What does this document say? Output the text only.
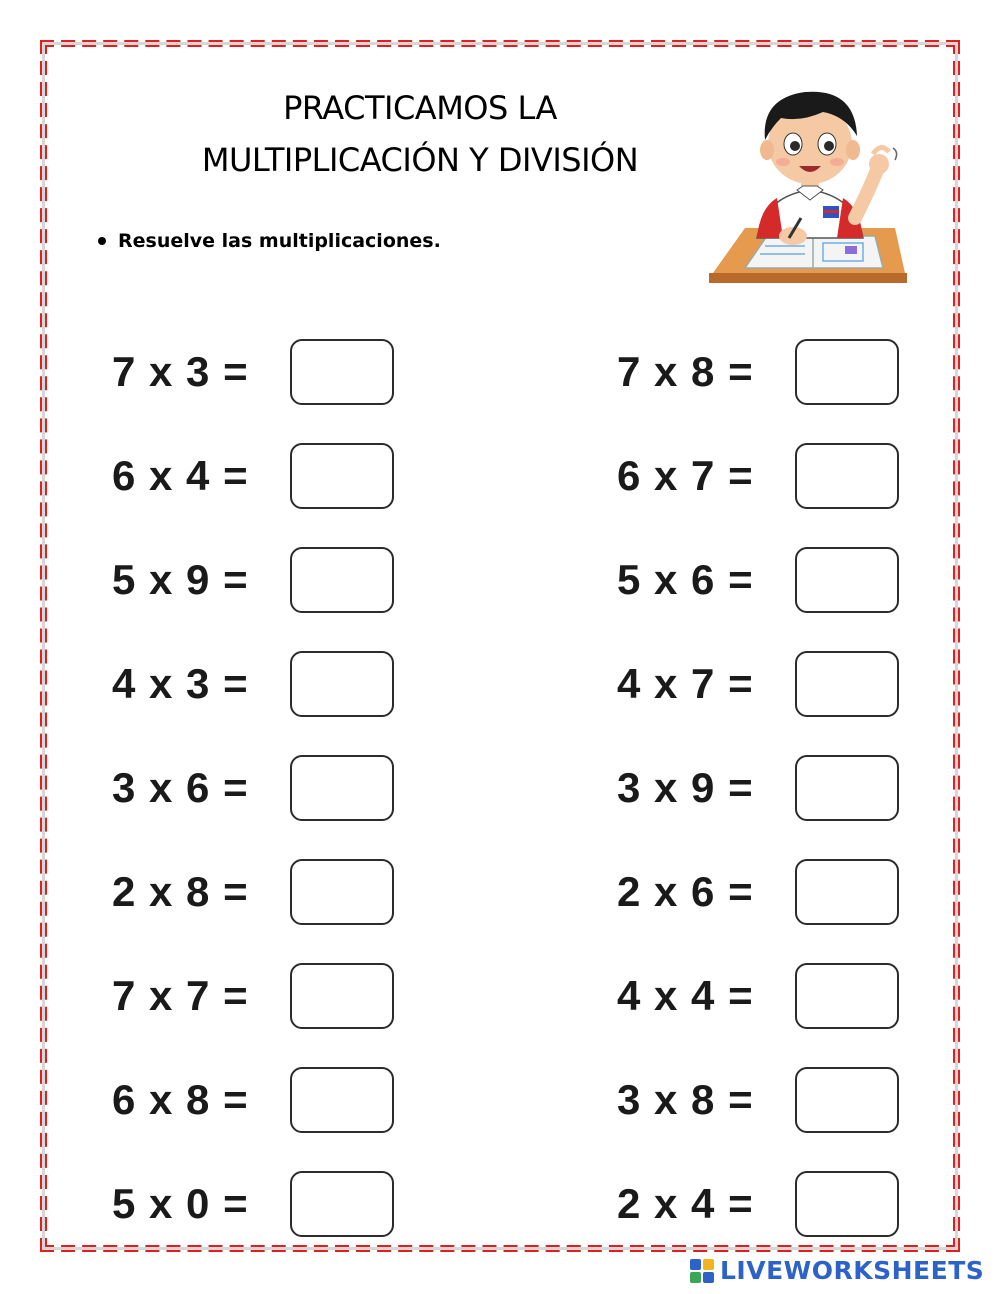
PRACTICAMOS LA
MULTIPLICACIÓN Y DIVISIÓN
Resuelve las multiplicaciones.
7 x 3 =
6 x 4 =
5 x 9 =
4 x 3 =
3 x 6 =
2 x 8 =
7 x 7 =
6 x 8 =
5 x 0 =
7 x 8 =
6 x 7 =
5 x 6 =
4 x 7 =
3 x 9 =
2 x 6 =
4 x 4 =
3 x 8 =
2 x 4 =
LIVEWORKSHEETS
